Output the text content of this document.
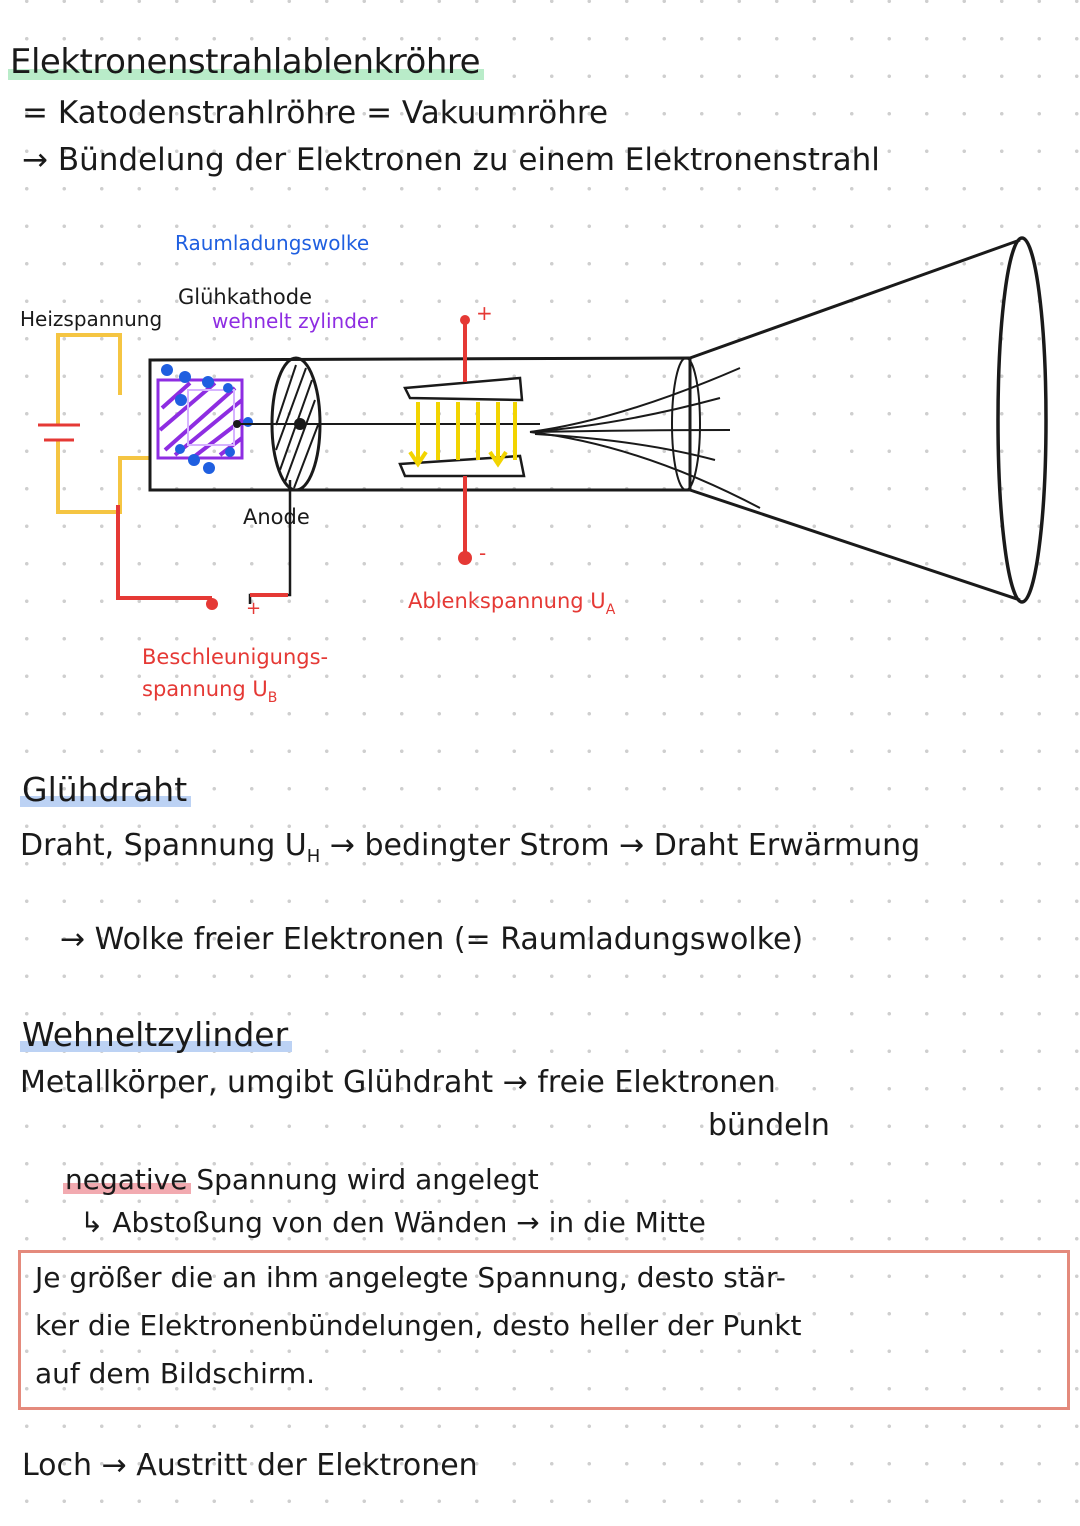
Elektronenstrahlablenkröhre
= Katodenstrahlröhre = Vakuumröhre
→ Bündelung der Elektronen zu einem Elektronenstrahl
Raumladungswolke
Heizspannung
Glühkathode
wehnelt zylinder
Anode
+
-
+	Ablenkspannung $U_A$
Beschleunigungs-
spannung $U_B$
Glühdraht
Draht, Spannung $U_H$ → bedingter Strom → Draht Erwärmung
→ Wolke freier Elektronen (= Raumladungswolke)
Wehneltzylinder
Metallkörper, umgibt Glühdraht → freie Elektronen
bündeln
negative Spannung wird angelegt
↳ Abstoßung von den Wänden → in die Mitte
Je größer die an ihm angelegte Spannung, desto stär-
ker die Elektronenbündelungen, desto heller der Punkt
auf dem Bildschirm.
Loch → Austritt der Elektronen
